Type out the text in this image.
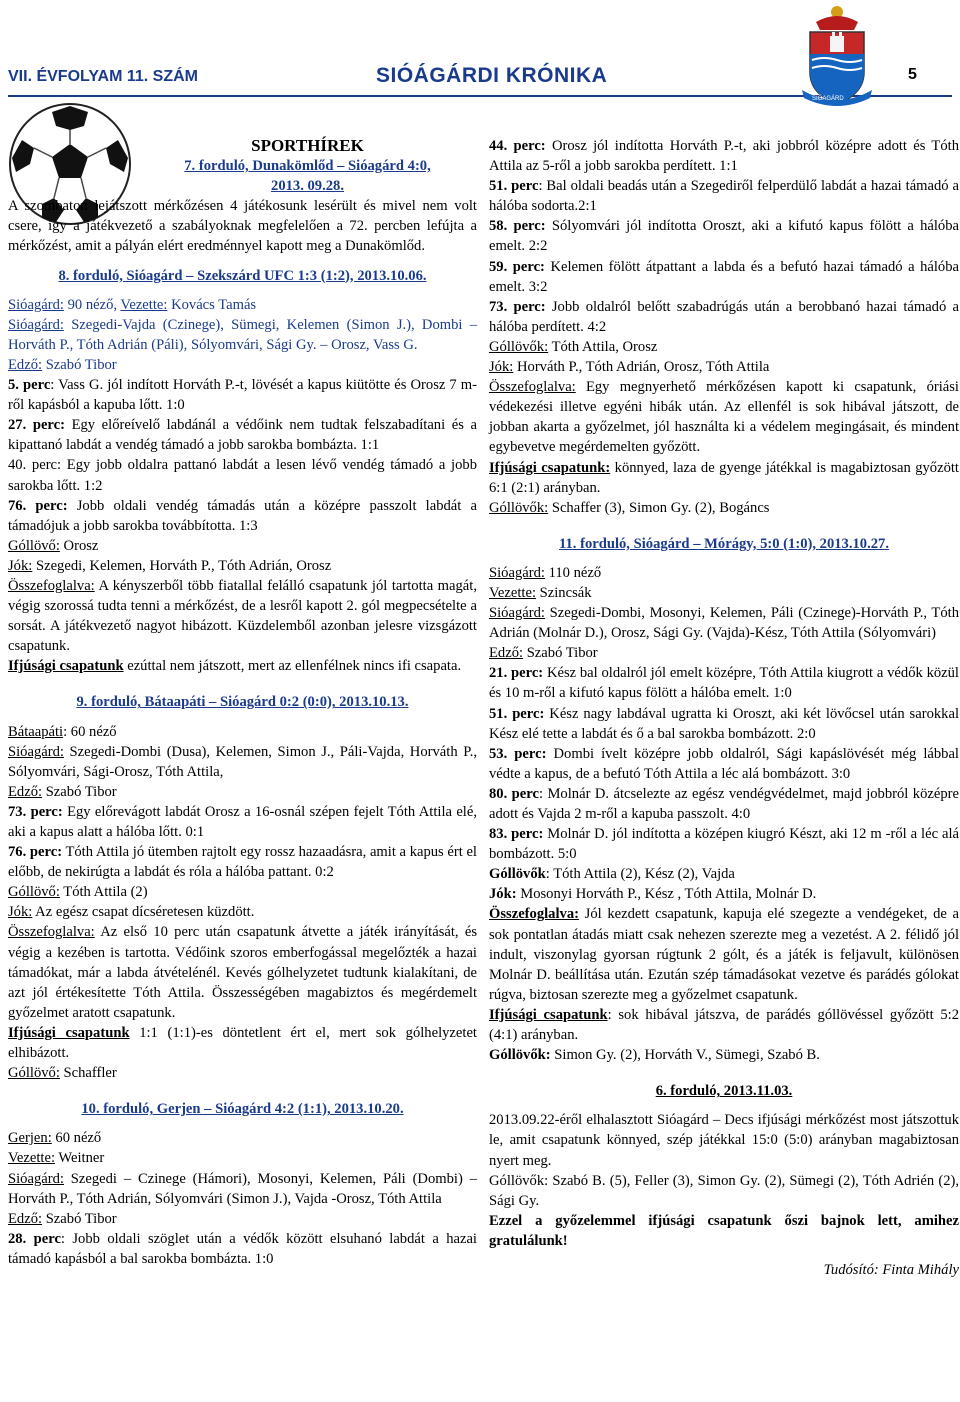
VII. ÉVFOLYAM 11. SZÁM	SIÓÁGÁRDI KRÓNIKA	5
SIÓAGÁRD

SPORTHÍREK

7. forduló, Dunakömlőd – Sióagárd 4:0,
2013. 09.28.

A szombaton lejátszott mérkőzésen 4 játékosunk lesérült és mivel nem volt csere, így a játékvezető a szabályoknak megfelelően a 72. percben lefújta a mérkőzést, amit a pályán elért eredménnyel kapott meg a Dunakömlőd.

8. forduló, Sióagárd – Szekszárd UFC 1:3 (1:2), 2013.10.06.

Sióagárd: 90 néző, Vezette: Kovács Tamás

Sióagárd: Szegedi-Vajda (Czinege), Sümegi, Kelemen (Simon J.), Dombi – Horváth P., Tóth Adrián (Páli), Sólyomvári, Sági Gy. – Orosz, Vass G.

Edző: Szabó Tibor

5. perc: Vass G. jól indított Horváth P.-t, lövését a kapus kiütötte és Orosz 7 m-ről kapásból a kapuba lőtt. 1:0

27. perc: Egy előreívelő labdánál a védőink nem tudtak felszabadítani és a kipattanó labdát a vendég támadó a jobb sarokba bombázta. 1:1

40. perc: Egy jobb oldalra pattanó labdát a lesen lévő vendég támadó a jobb sarokba lőtt. 1:2

76. perc: Jobb oldali vendég támadás után a középre passzolt labdát a támadójuk a jobb sarokba továbbította. 1:3

Góllövő: Orosz

Jók: Szegedi, Kelemen, Horváth P., Tóth Adrián, Orosz

Összefoglalva: A kényszerből több fiatallal felálló csapatunk jól tartotta magát, végig szorossá tudta tenni a mérkőzést, de a lesről kapott 2. gól megpecsételte a sorsát. A játékvezető nagyot hibázott. Küzdelemből azonban jelesre vizsgázott csapatunk.

Ifjúsági csapatunk ezúttal nem játszott, mert az ellenfélnek nincs ifi csapata.

9. forduló, Bátaapáti – Sióagárd 0:2 (0:0), 2013.10.13.

Bátaapáti: 60 néző

Sióagárd: Szegedi-Dombi (Dusa), Kelemen, Simon J., Páli-Vajda, Horváth P., Sólyomvári, Sági-Orosz, Tóth Attila,

Edző: Szabó Tibor

73. perc: Egy előrevágott labdát Orosz a 16-osnál szépen fejelt Tóth Attila elé, aki a kapus alatt a hálóba lőtt. 0:1

76. perc: Tóth Attila jó ütemben rajtolt egy rossz hazaadásra, amit a kapus ért el előbb, de nekirúgta a labdát és róla a hálóba pattant. 0:2

Góllövő: Tóth Attila (2)

Jók: Az egész csapat dícséretesen küzdött.

Összefoglalva: Az első 10 perc után csapatunk átvette a játék irányítását, és végig a kezében is tartotta. Védőink szoros emberfogással megelőzték a hazai támadókat, már a labda átvételénél. Kevés gólhelyzetet tudtunk kialakítani, de azt jól értékesítette Tóth Attila. Összességében magabiztos és megérdemelt győzelmet aratott csapatunk.

Ifjúsági csapatunk 1:1 (1:1)-es döntetlent ért el, mert sok gólhelyzetet elhibázott.

Góllövő: Schaffler

10. forduló, Gerjen – Sióagárd 4:2 (1:1), 2013.10.20.

Gerjen: 60 néző

Vezette: Weitner

Sióagárd: Szegedi – Czinege (Hámori), Mosonyi, Kelemen, Páli (Dombi) – Horváth P., Tóth Adrián, Sólyomvári (Simon J.), Vajda -Orosz, Tóth Attila

Edző: Szabó Tibor

28. perc: Jobb oldali szöglet után a védők között elsuhanó labdát a hazai támadó kapásból a bal sarokba bombázta. 1:0

44. perc: Orosz jól indította Horváth P.-t, aki jobbról középre adott és Tóth Attila az 5-ről a jobb sarokba perdített. 1:1

51. perc: Bal oldali beadás után a Szegediről felperdülő labdát a hazai támadó a hálóba sodorta.2:1

58. perc: Sólyomvári jól indította Oroszt, aki a kifutó kapus fölött a hálóba emelt. 2:2

59. perc: Kelemen fölött átpattant a labda és a befutó hazai támadó a hálóba emelt. 3:2

73. perc: Jobb oldalról belőtt szabadrúgás után a berobbanó hazai támadó a hálóba perdített. 4:2

Góllövők: Tóth Attila, Orosz

Jók: Horváth P., Tóth Adrián, Orosz, Tóth Attila

Összefoglalva: Egy megnyerhető mérkőzésen kapott ki csapatunk, óriási védekezési illetve egyéni hibák után. Az ellenfél is sok hibával játszott, de jobban akarta a győzelmet, jól használta ki a védelem megingásait, és mindent egybevetve megérdemelten győzött.

Ifjúsági csapatunk: könnyed, laza de gyenge játékkal is magabiztosan győzött 6:1 (2:1) arányban.

Góllövők: Schaffer (3), Simon Gy. (2), Bogáncs

11. forduló, Sióagárd – Mórágy, 5:0 (1:0), 2013.10.27.

Sióagárd: 110 néző

Vezette: Szincsák

Sióagárd: Szegedi-Dombi, Mosonyi, Kelemen, Páli (Czinege)-Horváth P., Tóth Adrián (Molnár D.), Orosz, Sági Gy. (Vajda)-Kész, Tóth Attila (Sólyomvári)

Edző: Szabó Tibor

21. perc: Kész bal oldalról jól emelt középre, Tóth Attila kiugrott a védők közül és 10 m-ről a kifutó kapus fölött a hálóba emelt. 1:0

51. perc: Kész nagy labdával ugratta ki Oroszt, aki két lövőcsel után sarokkal Kész elé tette a labdát és ő a bal sarokba bombázott. 2:0

53. perc: Dombi ívelt középre jobb oldalról, Sági kapáslövését még lábbal védte a kapus, de a befutó Tóth Attila a léc alá bombázott. 3:0

80. perc: Molnár D. átcselezte az egész vendégvédelmet, majd jobbról középre adott és Vajda 2 m-ről a kapuba passzolt. 4:0

83. perc: Molnár D. jól indította a középen kiugró Készt, aki 12 m -ről a léc alá bombázott. 5:0

Góllövők: Tóth Attila (2), Kész (2), Vajda

Jók: Mosonyi Horváth P., Kész , Tóth Attila, Molnár D.

Összefoglalva: Jól kezdett csapatunk, kapuja elé szegezte a vendégeket, de a sok pontatlan átadás miatt csak nehezen szerezte meg a vezetést. A 2. félidő jól indult, viszonylag gyorsan rúgtunk 2 gólt, és a játék is feljavult, különösen Molnár D. beállítása után. Ezután szép támadásokat vezetve és parádés gólokat rúgva, biztosan szerezte meg a győzelmet csapatunk.

Ifjúsági csapatunk: sok hibával játszva, de parádés góllövéssel győzött 5:2 (4:1) arányban.

Góllövők: Simon Gy. (2), Horváth V., Sümegi, Szabó B.

6. forduló, 2013.11.03.

2013.09.22-éről elhalasztott Sióagárd – Decs ifjúsági mérkőzést most játszottuk le, amit csapatunk könnyed, szép játékkal 15:0 (5:0) arányban magabiztosan nyert meg.

Góllövők: Szabó B. (5), Feller (3), Simon Gy. (2), Sümegi (2), Tóth Adrién (2), Sági Gy.

Ezzel a győzelemmel ifjúsági csapatunk őszi bajnok lett, amihez gratulálunk!

Tudósító: Finta Mihály
